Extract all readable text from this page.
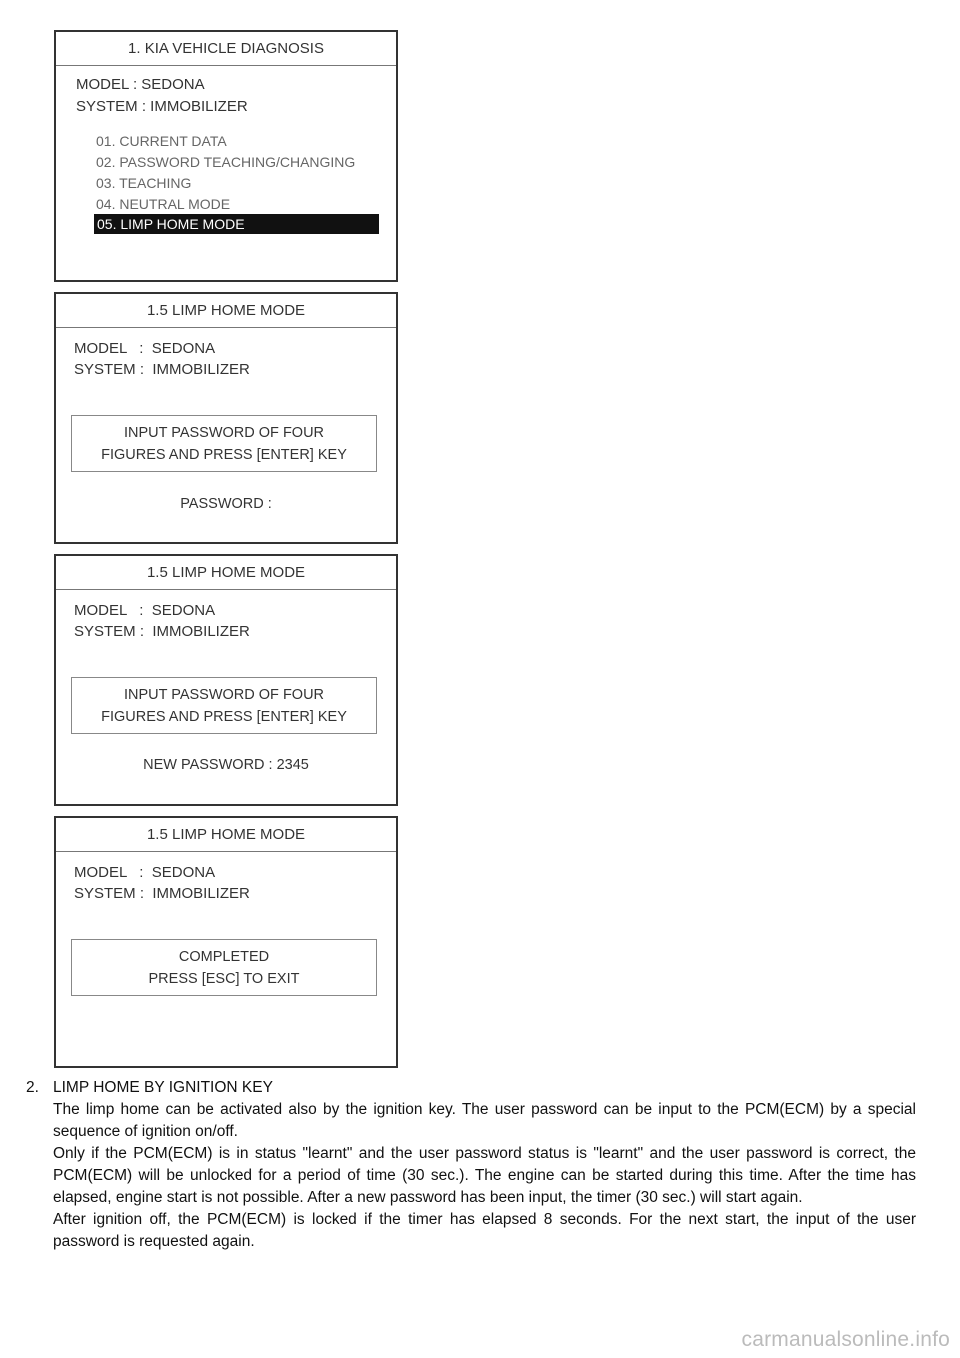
1. KIA VEHICLE DIAGNOSIS
MODEL : SEDONA
SYSTEM : IMMOBILIZER
01. CURRENT DATA
02. PASSWORD TEACHING/CHANGING
03. TEACHING
04. NEUTRAL MODE
05. LIMP HOME MODE
1.5 LIMP HOME MODE
MODEL   :  SEDONA
SYSTEM :  IMMOBILIZER
INPUT PASSWORD OF FOUR
FIGURES AND PRESS [ENTER] KEY
PASSWORD :
1.5 LIMP HOME MODE
MODEL   :  SEDONA
SYSTEM :  IMMOBILIZER
INPUT PASSWORD OF FOUR
FIGURES AND PRESS [ENTER] KEY
NEW PASSWORD : 2345
1.5 LIMP HOME MODE
MODEL   :  SEDONA
SYSTEM :  IMMOBILIZER
COMPLETED
PRESS [ESC] TO EXIT
2. LIMP HOME BY IGNITION KEY

The limp home can be activated also by the ignition key. The user password can be input to the PCM(ECM) by a special sequence of ignition on/off.

Only if the PCM(ECM) is in status "learnt" and the user password status is "learnt" and the user password is correct, the PCM(ECM) will be unlocked for a period of time (30 sec.). The engine can be started during this time. After the time has elapsed, engine start is not possible. After a new password has been input, the timer (30 sec.) will start again.

After ignition off, the PCM(ECM) is locked if the timer has elapsed 8 seconds. For the next start, the input of the user password is requested again.

carmanualsonline.info
